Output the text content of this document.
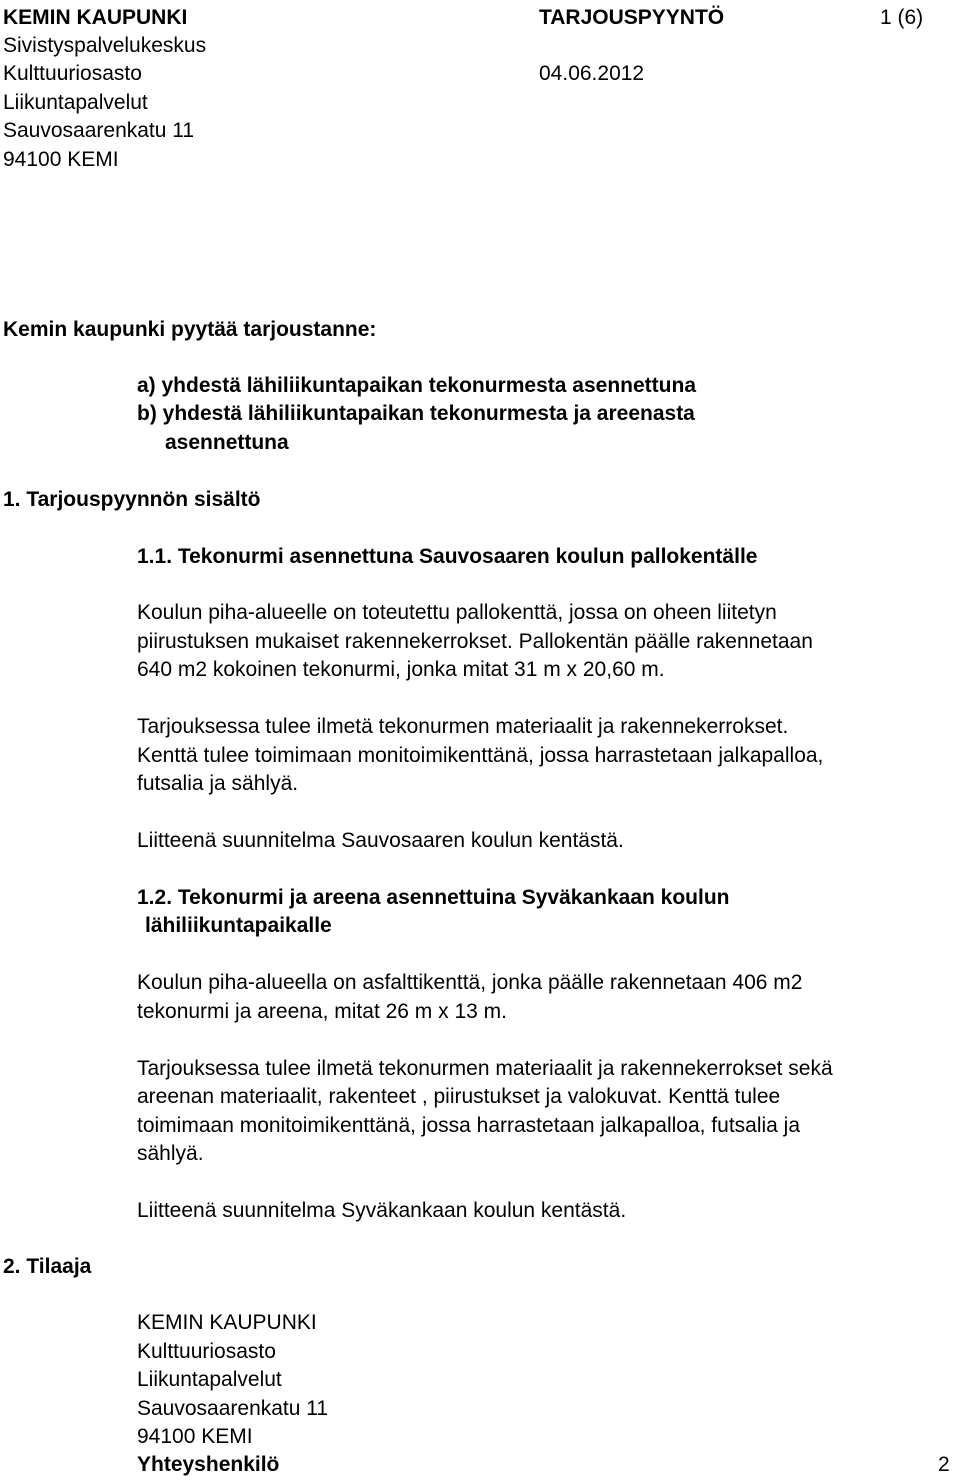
KEMIN KAUPUNKI	TARJOUSPYYNTÖ	1 (6)
Sivistyspalvelukeskus
Kulttuuriosasto	04.06.2012
Liikuntapalvelut
Sauvosaarenkatu 11
94100 KEMI
Kemin kaupunki pyytää tarjoustanne:
a) yhdestä lähiliikuntapaikan tekonurmesta asennettuna
b) yhdestä lähiliikuntapaikan tekonurmesta ja areenasta
asennettuna
1. Tarjouspyynnön sisältö
1.1. Tekonurmi asennettuna Sauvosaaren koulun pallokentälle
Koulun piha-alueelle on toteutettu pallokenttä, jossa on oheen liitetyn
piirustuksen mukaiset rakennekerrokset. Pallokentän päälle rakennetaan
640 m2 kokoinen tekonurmi, jonka mitat 31 m x 20,60 m.
Tarjouksessa tulee ilmetä tekonurmen materiaalit ja rakennekerrokset.
Kenttä tulee toimimaan monitoimikenttänä, jossa harrastetaan jalkapalloa,
futsalia ja sählyä.
Liitteenä suunnitelma Sauvosaaren koulun kentästä.
1.2. Tekonurmi ja areena asennettuina Syväkankaan koulun
lähiliikuntapaikalle
Koulun piha-alueella on asfalttikenttä, jonka päälle rakennetaan 406 m2
tekonurmi ja areena, mitat 26 m x 13 m.
Tarjouksessa tulee ilmetä tekonurmen materiaalit ja rakennekerrokset sekä
areenan materiaalit, rakenteet , piirustukset ja valokuvat. Kenttä tulee
toimimaan monitoimikenttänä, jossa harrastetaan jalkapalloa, futsalia ja
sählyä.
Liitteenä suunnitelma Syväkankaan koulun kentästä.
2. Tilaaja
KEMIN KAUPUNKI
Kulttuuriosasto
Liikuntapalvelut
Sauvosaarenkatu 11
94100 KEMI
Yhteyshenkilö	2
